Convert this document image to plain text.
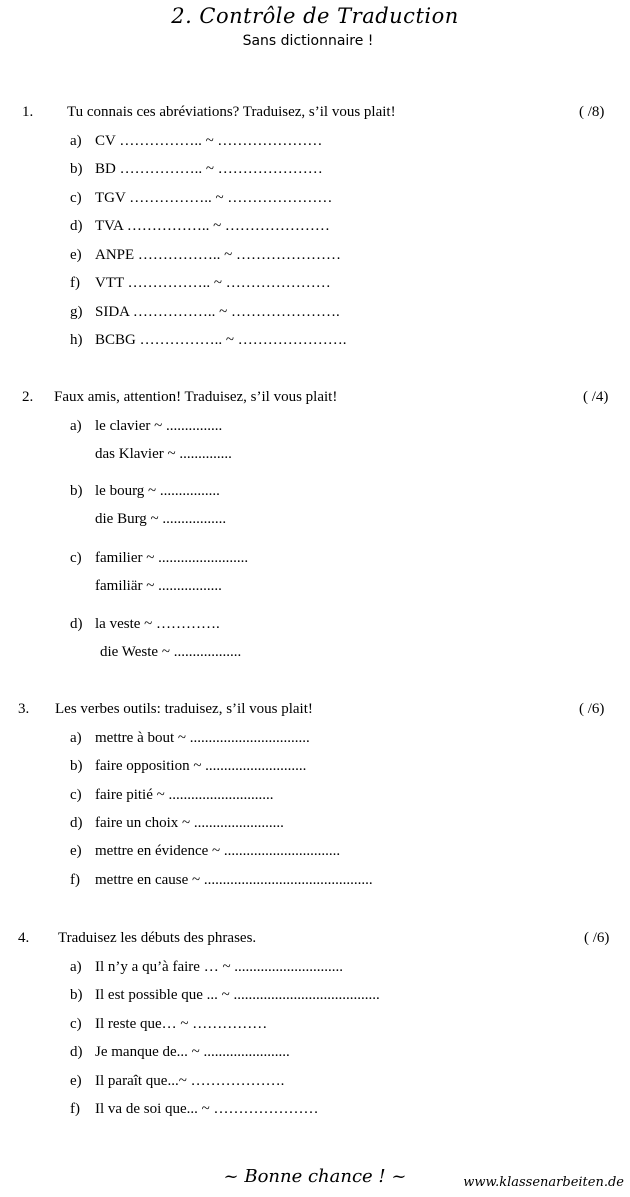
2. Contrôle de Traduction
Sans dictionnaire !
1. Tu connais ces abréviations? Traduisez, s’il vous plait!	( /8)
a) CV …………….. ~ …………………
b) BD …………….. ~ …………………
c) TGV …………….. ~ …………………
d) TVA …………….. ~ …………………
e) ANPE …………….. ~ …………………
f) VTT …………….. ~ …………………
g) SIDA …………….. ~ ………………….
h) BCBG …………….. ~ ………………….
2. Faux amis, attention! Traduisez, s’il vous plait!	( /4)
a) le clavier ~ ...............
das Klavier ~ ..............
b) le bourg ~ ................
die Burg ~ .................
c) familier ~ ........................
familiär ~ .................
d) la veste ~ ………….
die Weste ~ ..................
3. Les verbes outils: traduisez, s’il vous plait!	( /6)
a) mettre à bout ~ ................................
b) faire opposition ~ ...........................
c) faire pitié ~ ............................
d) faire un choix ~ ........................
e) mettre en évidence ~ ...............................
f) mettre en cause ~ .............................................
4. Traduisez les débuts des phrases.	( /6)
a) Il n’y a qu’à faire … ~ .............................
b) Il est possible que ... ~ .......................................
c) Il reste que… ~ ……………
d) Je manque de... ~ .......................
e) Il paraît que...~ ……………….
f) Il va de soi que... ~ …………………
~ Bonne chance ! ~	www.klassenarbeiten.de
